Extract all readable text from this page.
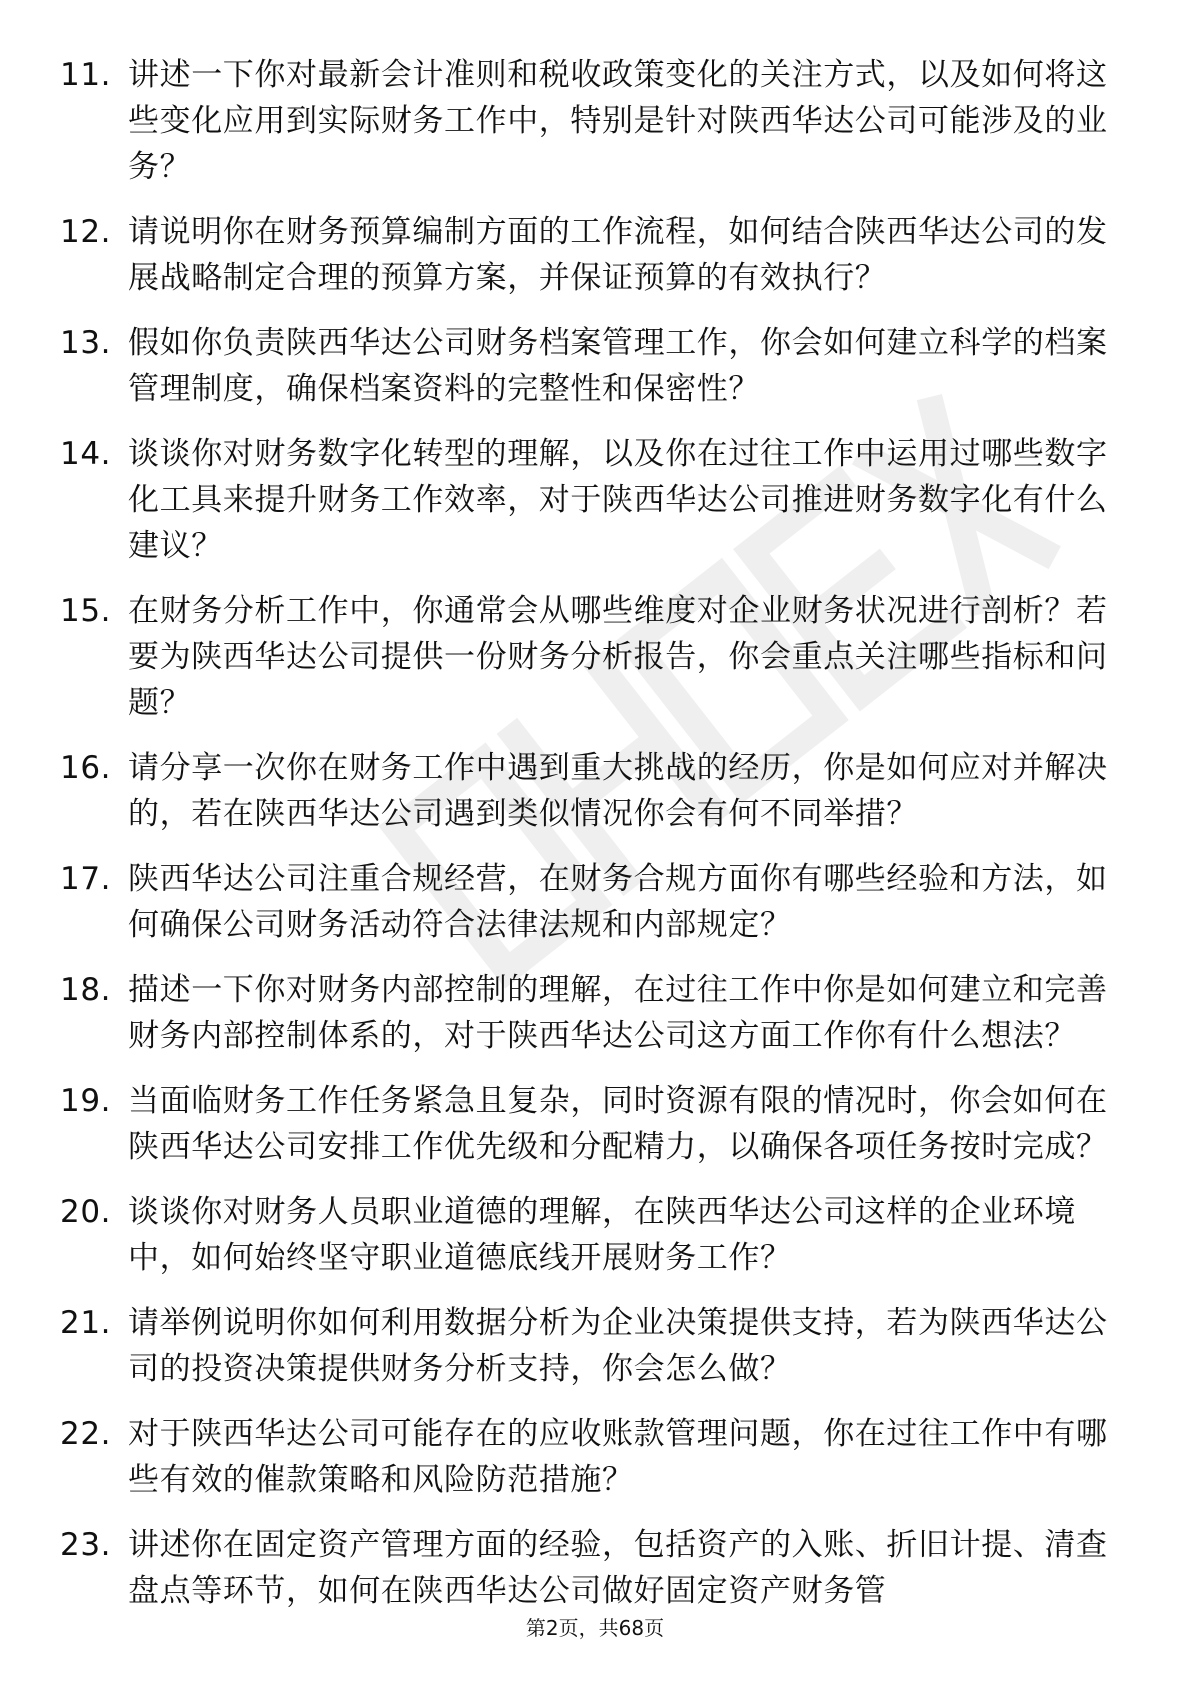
11. 讲述一下你对最新会计准则和税收政策变化的关注方式，以及如何将这些变化应用到实际财务工作中，特别是针对陕西华达公司可能涉及的业务？
12. 请说明你在财务预算编制方面的工作流程，如何结合陕西华达公司的发展战略制定合理的预算方案，并保证预算的有效执行？
13. 假如你负责陕西华达公司财务档案管理工作，你会如何建立科学的档案管理制度，确保档案资料的完整性和保密性？
14. 谈谈你对财务数字化转型的理解，以及你在过往工作中运用过哪些数字化工具来提升财务工作效率，对于陕西华达公司推进财务数字化有什么建议？
15. 在财务分析工作中，你通常会从哪些维度对企业财务状况进行剖析？若要为陕西华达公司提供一份财务分析报告，你会重点关注哪些指标和问题？
16. 请分享一次你在财务工作中遇到重大挑战的经历，你是如何应对并解决的，若在陕西华达公司遇到类似情况你会有何不同举措？
17. 陕西华达公司注重合规经营，在财务合规方面你有哪些经验和方法，如何确保公司财务活动符合法律法规和内部规定？
18. 描述一下你对财务内部控制的理解，在过往工作中你是如何建立和完善财务内部控制体系的，对于陕西华达公司这方面工作你有什么想法？
19. 当面临财务工作任务紧急且复杂，同时资源有限的情况时，你会如何在陕西华达公司安排工作优先级和分配精力，以确保各项任务按时完成？
20. 谈谈你对财务人员职业道德的理解，在陕西华达公司这样的企业环境中，如何始终坚守职业道德底线开展财务工作？
21. 请举例说明你如何利用数据分析为企业决策提供支持，若为陕西华达公司的投资决策提供财务分析支持，你会怎么做？
22. 对于陕西华达公司可能存在的应收账款管理问题，你在过往工作中有哪些有效的催款策略和风险防范措施？
23. 讲述你在固定资产管理方面的经验，包括资产的入账、折旧计提、清查盘点等环节，如何在陕西华达公司做好固定资产财务管
第2页，共68页
